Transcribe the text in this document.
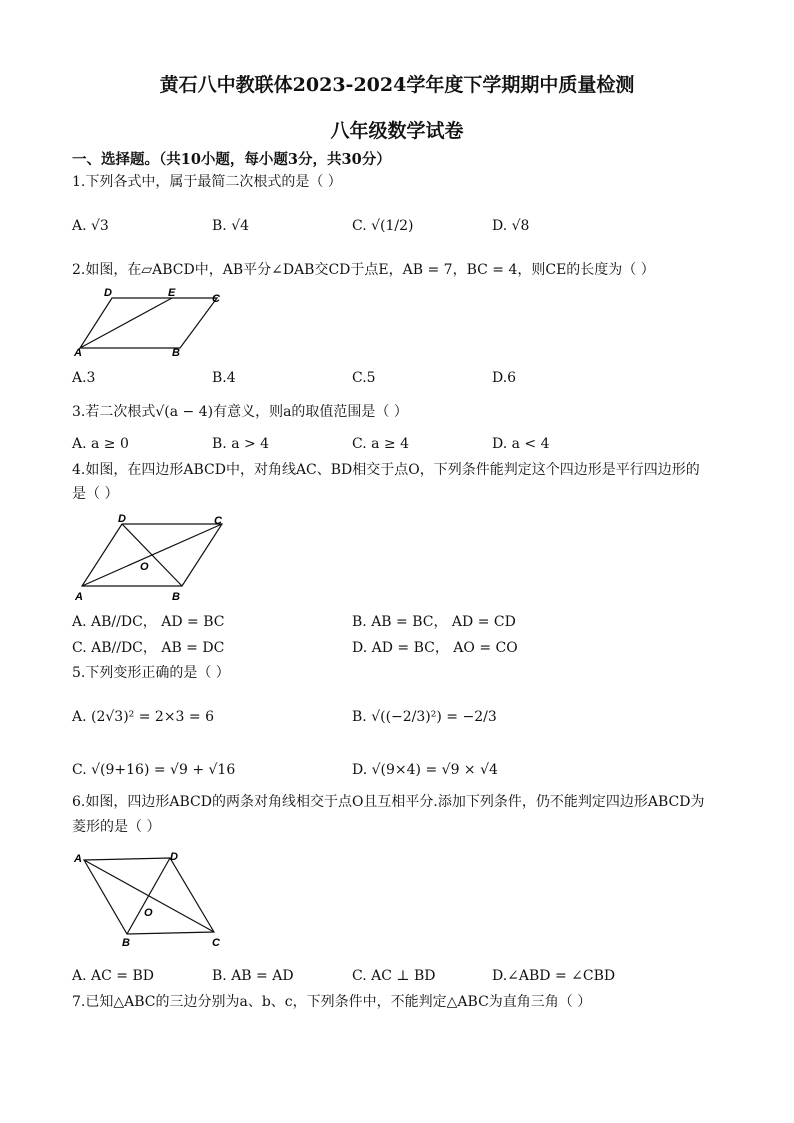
黄石八中教联体2023-2024学年度下学期期中质量检测
八年级数学试卷
一、选择题。（共10小题，每小题3分，共30分）
1.下列各式中，属于最简二次根式的是（ ）
A. √3	B. √4	C. √(1/2)	D. √8
2.如图，在▱ABCD中，AB平分∠DAB交CD于点E，AB = 7，BC = 4，则CE的长度为（ ）
D	E	C
A	B
A.3	B.4	C.5	D.6
3.若二次根式√(a − 4)有意义，则a的取值范围是（ ）
A. a ≥ 0	B. a > 4	C. a ≥ 4	D. a < 4
4.如图，在四边形ABCD中，对角线AC、BD相交于点O，下列条件能判定这个四边形是平行四边形的
是（ ）
D	C
O
A	B
A. AB//DC， AD = BC	B. AB = BC， AD = CD
C. AB//DC， AB = DC	D. AD = BC， AO = CO
5.下列变形正确的是（ ）
A. (2√3)² = 2×3 = 6	B. √((−2/3)²) = −2/3
C. √(9+16) = √9 + √16	D. √(9×4) = √9 × √4
6.如图，四边形ABCD的两条对角线相交于点O且互相平分.添加下列条件，仍不能判定四边形ABCD为
菱形的是（ ）
A	D
O
B	C
A. AC = BD	B. AB = AD	C. AC ⊥ BD	D.∠ABD = ∠CBD
7.已知△ABC的三边分别为a、b、c，下列条件中，不能判定△ABC为直角三角（ ）
